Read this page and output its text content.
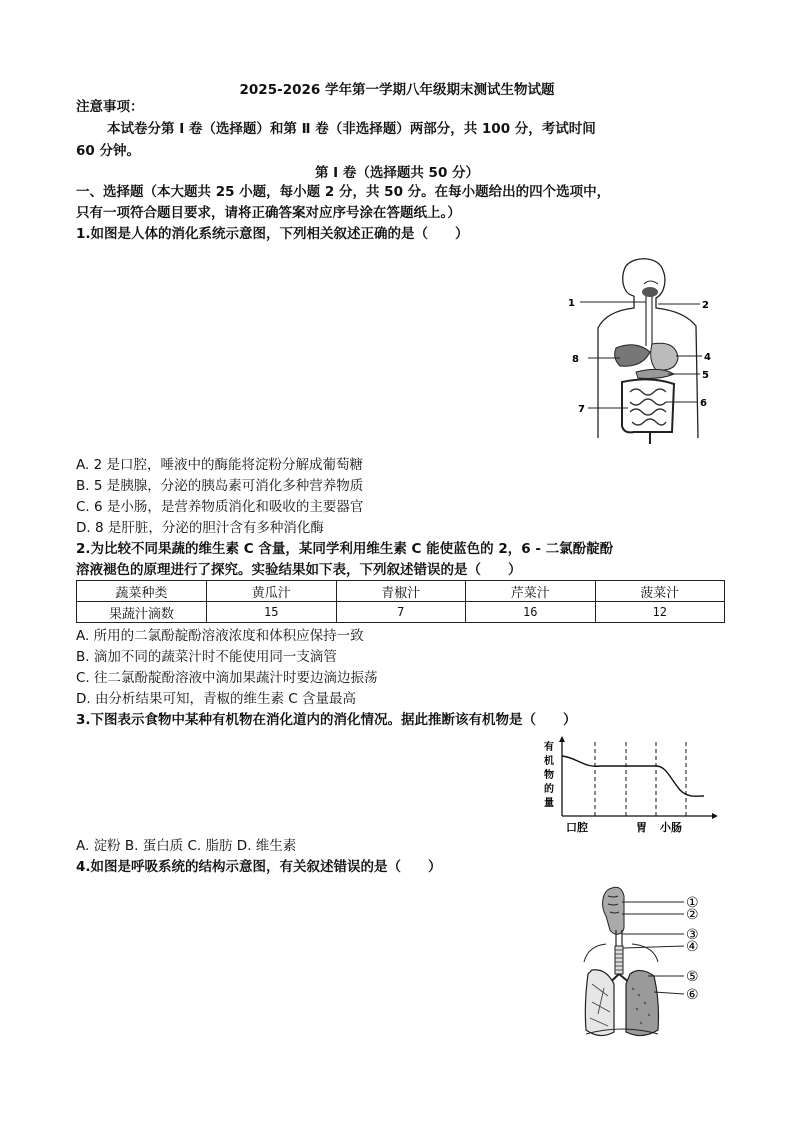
2025-2026 学年第一学期八年级期末测试生物试题
注意事项：
本试卷分第 Ⅰ 卷（选择题）和第 Ⅱ 卷（非选择题）两部分，共 100 分，考试时间
60 分钟。
第 Ⅰ 卷（选择题共 50 分）
一、选择题（本大题共 25 小题，每小题 2 分，共 50 分。在每小题给出的四个选项中，
只有一项符合题目要求，请将正确答案对应序号涂在答题纸上。）
1.如图是人体的消化系统示意图，下列相关叙述正确的是（　　）
1	2
4
5
6
7
8
A. 2 是口腔，唾液中的酶能将淀粉分解成葡萄糖
B. 5 是胰腺，分泌的胰岛素可消化多种营养物质
C. 6 是小肠，是营养物质消化和吸收的主要器官
D. 8 是肝脏，分泌的胆汁含有多种消化酶
2.为比较不同果蔬的维生素 C 含量，某同学利用维生素 C 能使蓝色的 2，6 - 二氯酚靛酚
溶液褪色的原理进行了探究。实验结果如下表，下列叙述错误的是（　　）
蔬菜种类	黄瓜汁	青椒汁	芹菜汁	菠菜汁
果蔬汁滴数	15	7	16	12
A. 所用的二氯酚靛酚溶液浓度和体积应保持一致
B. 滴加不同的蔬菜汁时不能使用同一支滴管
C. 往二氯酚靛酚溶液中滴加果蔬汁时要边滴边振荡
D. 由分析结果可知，青椒的维生素 C 含量最高
3.下图表示食物中某种有机物在消化道内的消化情况。据此推断该有机物是（　　）
有
机
物
的
量
口腔	胃 小肠
A. 淀粉 B. 蛋白质 C. 脂肪 D. 维生素
4.如图是呼吸系统的结构示意图，有关叙述错误的是（　　）
①
②
③
④
⑤
⑥
